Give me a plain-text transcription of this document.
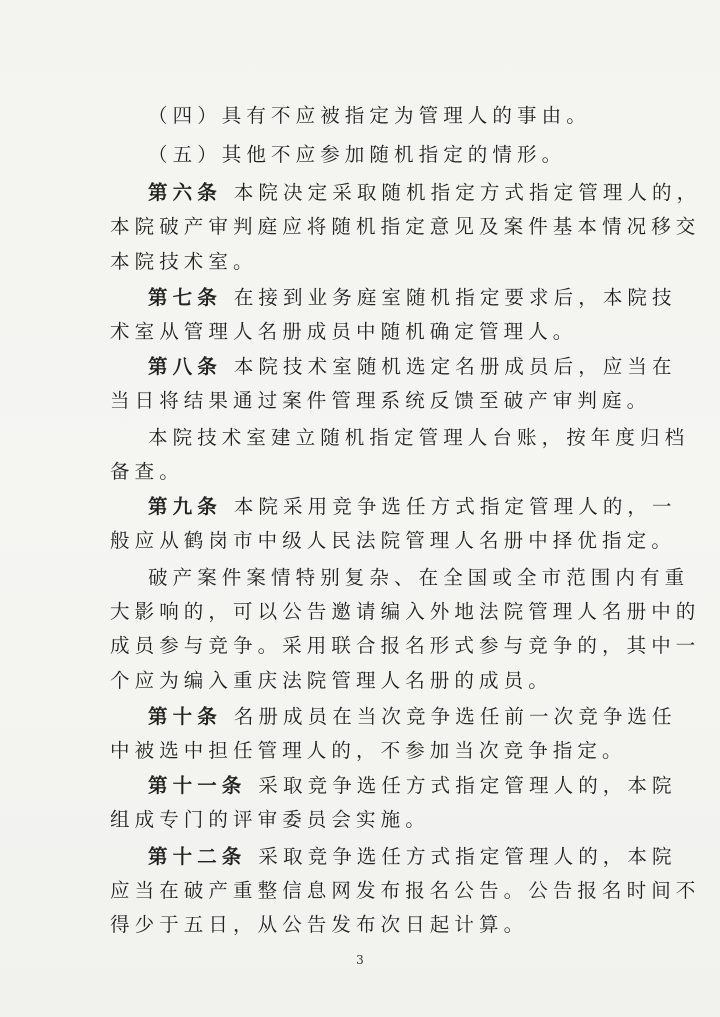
（四）具有不应被指定为管理人的事由。
（五）其他不应参加随机指定的情形。
第六条 本院决定采取随机指定方式指定管理人的，
本院破产审判庭应将随机指定意见及案件基本情况移交
本院技术室。
第七条 在接到业务庭室随机指定要求后，本院技
术室从管理人名册成员中随机确定管理人。
第八条 本院技术室随机选定名册成员后，应当在
当日将结果通过案件管理系统反馈至破产审判庭。
本院技术室建立随机指定管理人台账，按年度归档
备查。
第九条 本院采用竞争选任方式指定管理人的，一
般应从鹤岗市中级人民法院管理人名册中择优指定。
破产案件案情特别复杂、在全国或全市范围内有重
大影响的，可以公告邀请编入外地法院管理人名册中的
成员参与竞争。采用联合报名形式参与竞争的，其中一
个应为编入重庆法院管理人名册的成员。
第十条 名册成员在当次竞争选任前一次竞争选任
中被选中担任管理人的，不参加当次竞争指定。
第十一条 采取竞争选任方式指定管理人的，本院
组成专门的评审委员会实施。
第十二条 采取竞争选任方式指定管理人的，本院
应当在破产重整信息网发布报名公告。公告报名时间不
得少于五日，从公告发布次日起计算。
3
